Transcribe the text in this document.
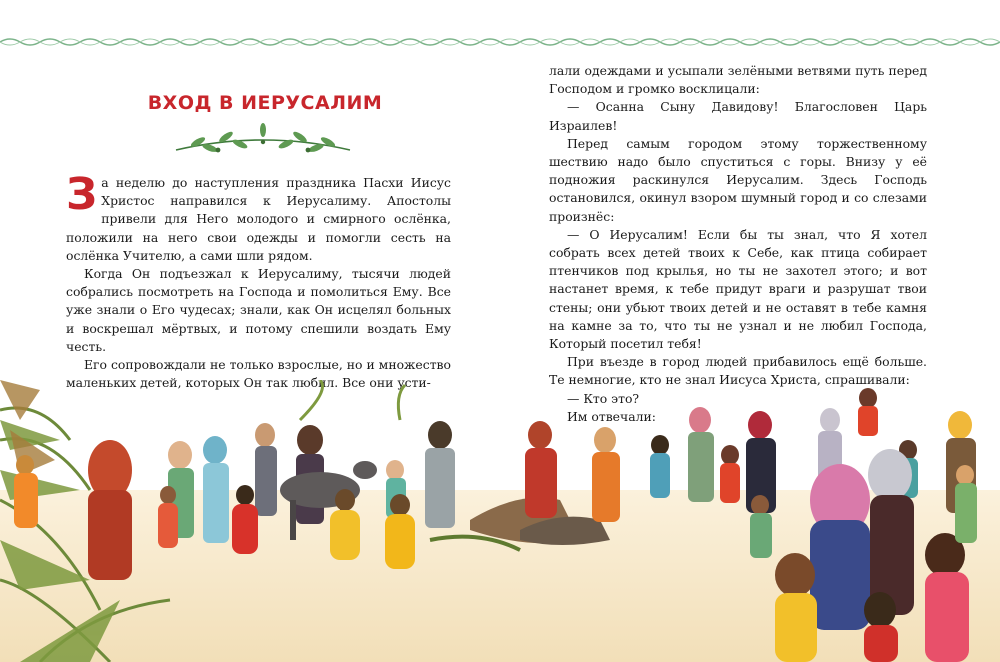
ВХОД В ИЕРУСАЛИМ

За неделю до наступления праздника Пасхи Иисус Христос направился к Иерусалиму. Апостолы привели для Него молодого и смирного ослёнка, положили на него свои одежды и помогли сесть на ослёнка Учителю, а сами шли рядом.

Когда Он подъезжал к Иерусалиму, тысячи людей собрались посмотреть на Господа и помолиться Ему. Все уже знали о Его чудесах; знали, как Он исцелял больных и воскрешал мёртвых, и потому спешили воздать Ему честь.

Его сопровождали не только взрослые, но и множество маленьких детей, которых Он так любил. Все они усти-

лали одеждами и усыпали зелёными ветвями путь перед Господом и громко восклицали:

— Осанна Сыну Давидову! Благословен Царь Израилев!

Перед самым городом этому торжественному шествию надо было спуститься с горы. Внизу у её подножия раскинулся Иерусалим. Здесь Господь остановился, окинул взором шумный город и со слезами произнёс:

— О Иерусалим! Если бы ты знал, что Я хотел собрать всех детей твоих к Себе, как птица собирает птенчиков под крылья, но ты не захотел этого; и вот настанет время, к тебе придут враги и разрушат твои стены; они убьют твоих детей и не оставят в тебе камня на камне за то, что ты не узнал и не любил Господа, Который посетил тебя!

При въезде в город людей прибавилось ещё больше. Те немногие, кто не знал Иисуса Христа, спрашивали:

— Кто это?

Им отвечали:
